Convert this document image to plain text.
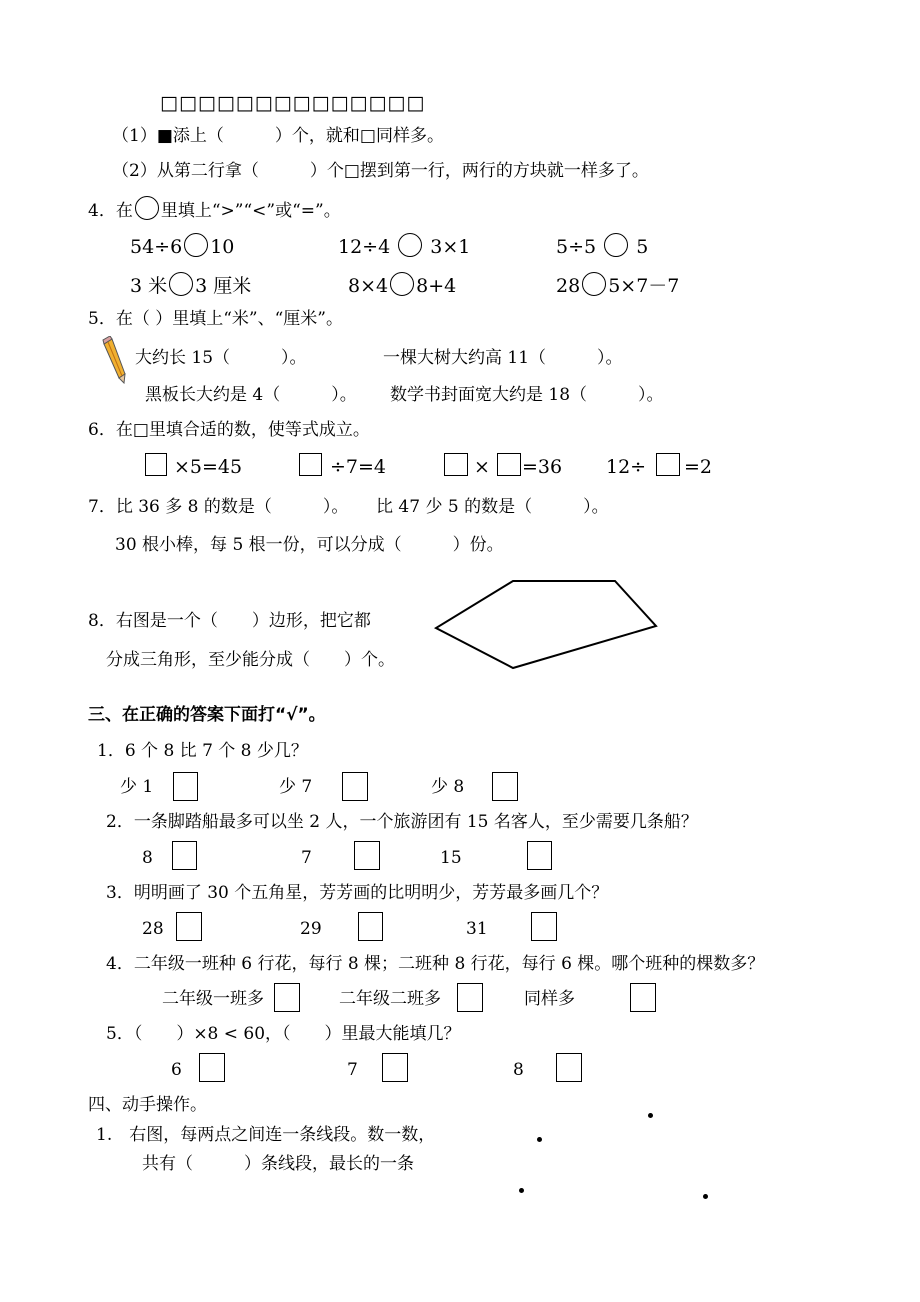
□□□□□□□□□□□□□□
（1）■添上（　　　）个，就和□同样多。
（2）从第二行拿（　　　）个□摆到第一行，两行的方块就一样多了。
4．在 里填上“>”“<”或“=”。
54÷6 10	12÷4 3×1	5÷5 5
3 米 3 厘米	8×4 8+4	28 5×7－7
5．在（ ）里填上“米”、“厘米”。
大约长 15（　　　）。	一棵大树大约高 11（　　　）。
黑板长大约是 4（　　　）。 数学书封面宽大约是 18（　　　）。
6．在□里填合适的数，使等式成立。
×5=45	÷7=4	× =36 12÷ =2
7．比 36 多 8 的数是（　　　）。 比 47 少 5 的数是（　　　）。
30 根小棒，每 5 根一份，可以分成（　　　）份。
8．右图是一个（　　）边形，把它都
分成三角形，至少能分成（　　）个。
三、在正确的答案下面打“√”。
1．6 个 8 比 7 个 8 少几？
少 1	少 7	少 8
2．一条脚踏船最多可以坐 2 人，一个旅游团有 15 名客人，至少需要几条船？
8	7	15
3．明明画了 30 个五角星，芳芳画的比明明少，芳芳最多画几个？
28	29	31
4．二年级一班种 6 行花，每行 8 棵；二班种 8 行花，每行 6 棵。哪个班种的棵数多？
二年级一班多	二年级二班多	同样多
5．（　　）×8 < 60，（　　）里最大能填几？
6	7	8
四、动手操作。
1.　右图，每两点之间连一条线段。数一数，
共有（　　　）条线段，最长的一条
